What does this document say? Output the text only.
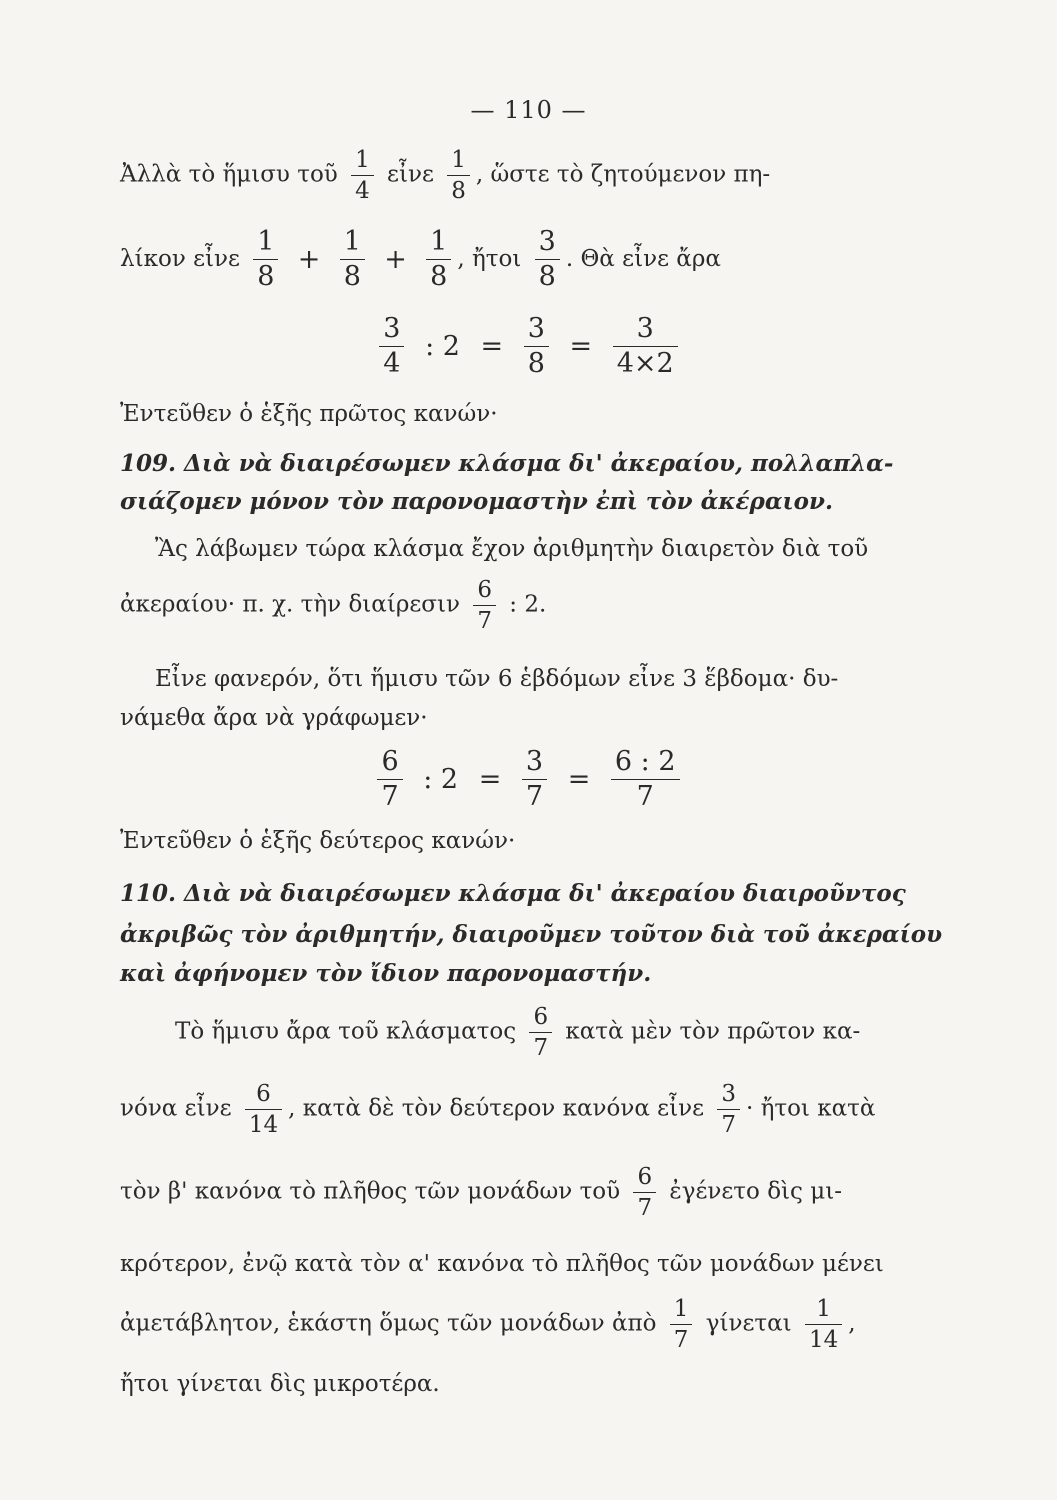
— 110 —
Ἀλλὰ τὸ ἥμισυ τοῦ $\frac{1}{4}$ εἶνε $\frac{1}{8}$ , ὥστε τὸ ζητούμενον πη-
λίκον εἶνε $\frac{1}{8} + \frac{1}{8} + \frac{1}{8}$ , ἤτοι $\frac{3}{8}$ . Θὰ εἶνε ἄρα
$\frac{3}{4}$ : $2 = \frac{3}{8} = \frac{3}{4\times 2}$
Ἐντεῦθεν ὁ ἑξῆς πρῶτος κανών·
109. Διὰ νὰ διαιρέσωμεν κλάσμα δι' ἀκεραίου, πολλαπλα-
σιάζομεν μόνον τὸν παρονομαστὴν ἐπὶ τὸν ἀκέραιον.
Ἂς λάβωμεν τώρα κλάσμα ἔχον ἀριθμητὴν διαιρετὸν διὰ τοῦ
ἀκεραίου· π. χ. τὴν διαίρεσιν $\frac{6}{7}$ : 2.
Εἶνε φανερόν, ὅτι ἥμισυ τῶν 6 ἑβδόμων εἶνε 3 ἕβδομα· δυ-
νάμεθα ἄρα νὰ γράφωμεν·
$\frac{6}{7}$ : $2 = \frac{3}{7} = \frac{6 : 2}{7}$
Ἐντεῦθεν ὁ ἑξῆς δεύτερος κανών·
110. Διὰ νὰ διαιρέσωμεν κλάσμα δι' ἀκεραίου διαιροῦντος
ἀκριβῶς τὸν ἀριθμητήν, διαιροῦμεν τοῦτον διὰ τοῦ ἀκεραίου
καὶ ἀφήνομεν τὸν ἴδιον παρονομαστήν.
Τὸ ἥμισυ ἄρα τοῦ κλάσματος $\frac{6}{7}$ κατὰ μὲν τὸν πρῶτον κα-
νόνα εἶνε $\frac{6}{14}$ , κατὰ δὲ τὸν δεύτερον κανόνα εἶνε $\frac{3}{7}$ · ἤτοι κατὰ
τὸν β' κανόνα τὸ πλῆθος τῶν μονάδων τοῦ $\frac{6}{7}$ ἐγένετο δὶς μι-
κρότερον, ἐνῷ κατὰ τὸν α' κανόνα τὸ πλῆθος τῶν μονάδων μένει
ἀμετάβλητον, ἑκάστη ὅμως τῶν μονάδων ἀπὸ $\frac{1}{7}$ γίνεται $\frac{1}{14}$ ,
ἤτοι γίνεται δὶς μικροτέρα.
